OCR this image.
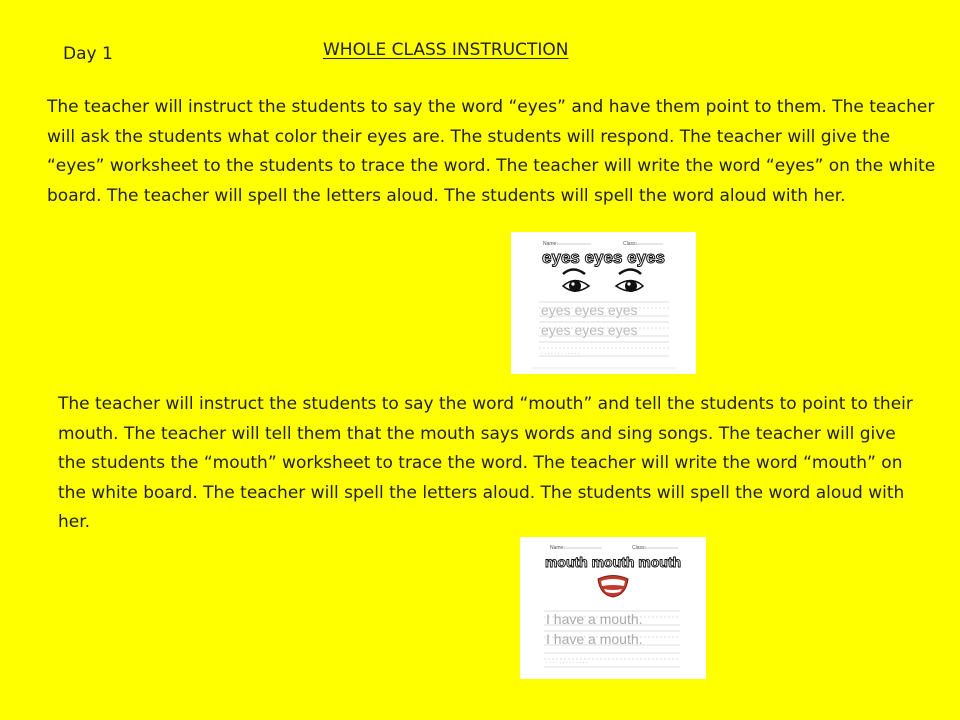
Day 1	WHOLE CLASS INSTRUCTION
The teacher will instruct the students to say the word “eyes” and have them point to them. The teacher will ask the students what color their eyes are. The students will respond. The teacher will give the “eyes” worksheet to the students to trace the word. The teacher will write the word “eyes” on the white board. The teacher will spell the letters aloud. The students will spell the word aloud with her.
Name:	Class:
eyes eyes eyes
eyes eyes eyes
eyes eyes eyes
. . . . . . . . . . . .
The teacher will instruct the students to say the word “mouth” and tell the students to point to their mouth. The teacher will tell them that the mouth says words and sing songs. The teacher will give the students the “mouth” worksheet to trace the word. The teacher will write the word “mouth” on the white board. The teacher will spell the letters aloud. The students will spell the word aloud with her.
Name:	Class:
mouth mouth mouth
I have a mouth.
I have a mouth.
. . . . . . . . . . . . .
